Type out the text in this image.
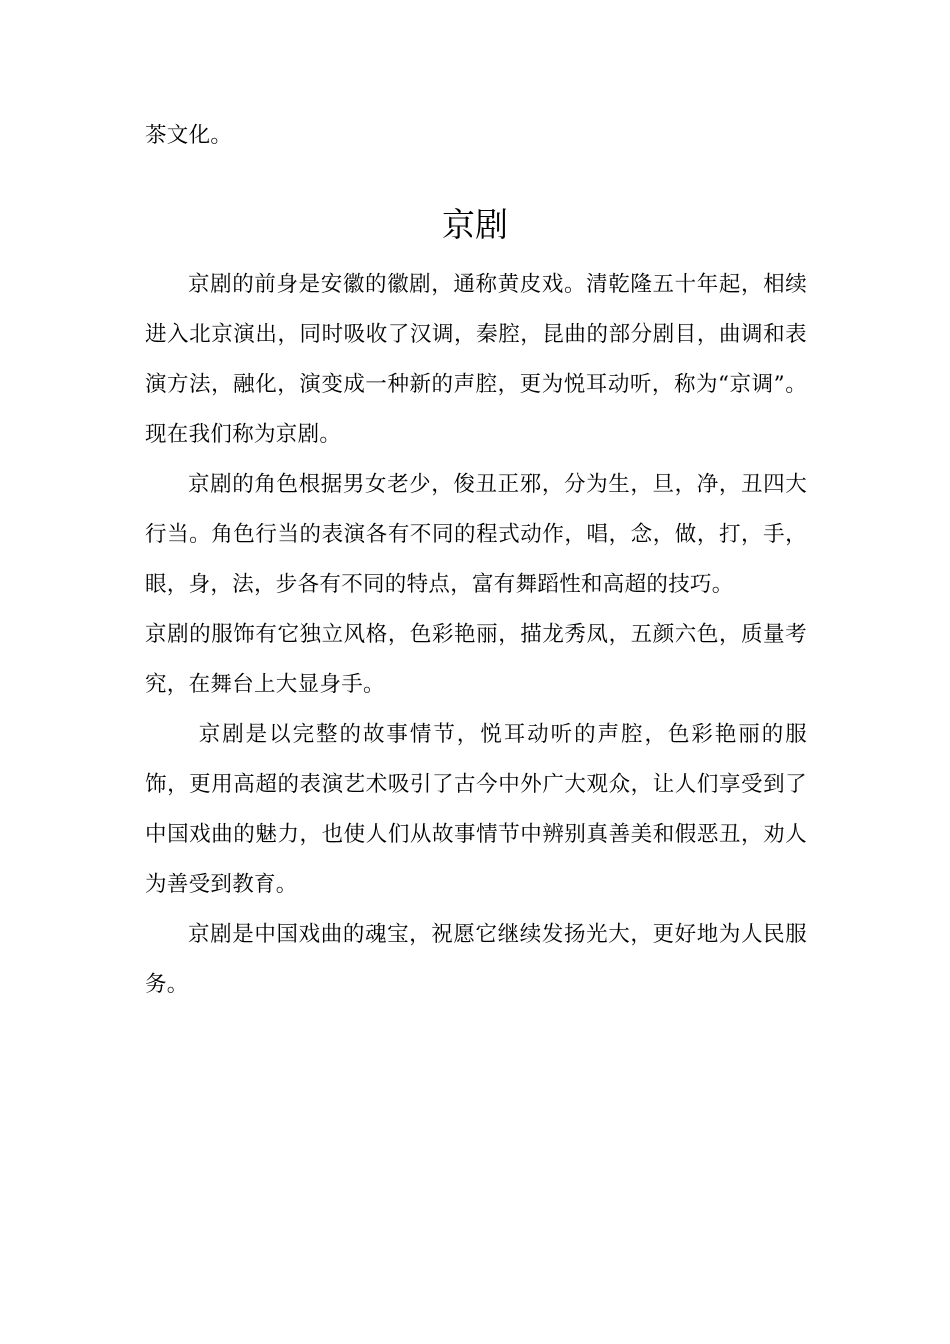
茶文化。
京剧

京剧的前身是安徽的徽剧，通称黄皮戏。清乾隆五十年起，相续进入北京演出，同时吸收了汉调，秦腔，昆曲的部分剧目，曲调和表演方法，融化，演变成一种新的声腔，更为悦耳动听，称为“京调”。现在我们称为京剧。

京剧的角色根据男女老少，俊丑正邪，分为生，旦，净，丑四大行当。角色行当的表演各有不同的程式动作，唱，念，做，打，手，眼，身，法，步各有不同的特点，富有舞蹈性和高超的技巧。

京剧的服饰有它独立风格，色彩艳丽，描龙秀凤，五颜六色，质量考究，在舞台上大显身手。

京剧是以完整的故事情节，悦耳动听的声腔，色彩艳丽的服饰，更用高超的表演艺术吸引了古今中外广大观众，让人们享受到了中国戏曲的魅力，也使人们从故事情节中辨别真善美和假恶丑，劝人为善受到教育。

京剧是中国戏曲的魂宝，祝愿它继续发扬光大，更好地为人民服务。
